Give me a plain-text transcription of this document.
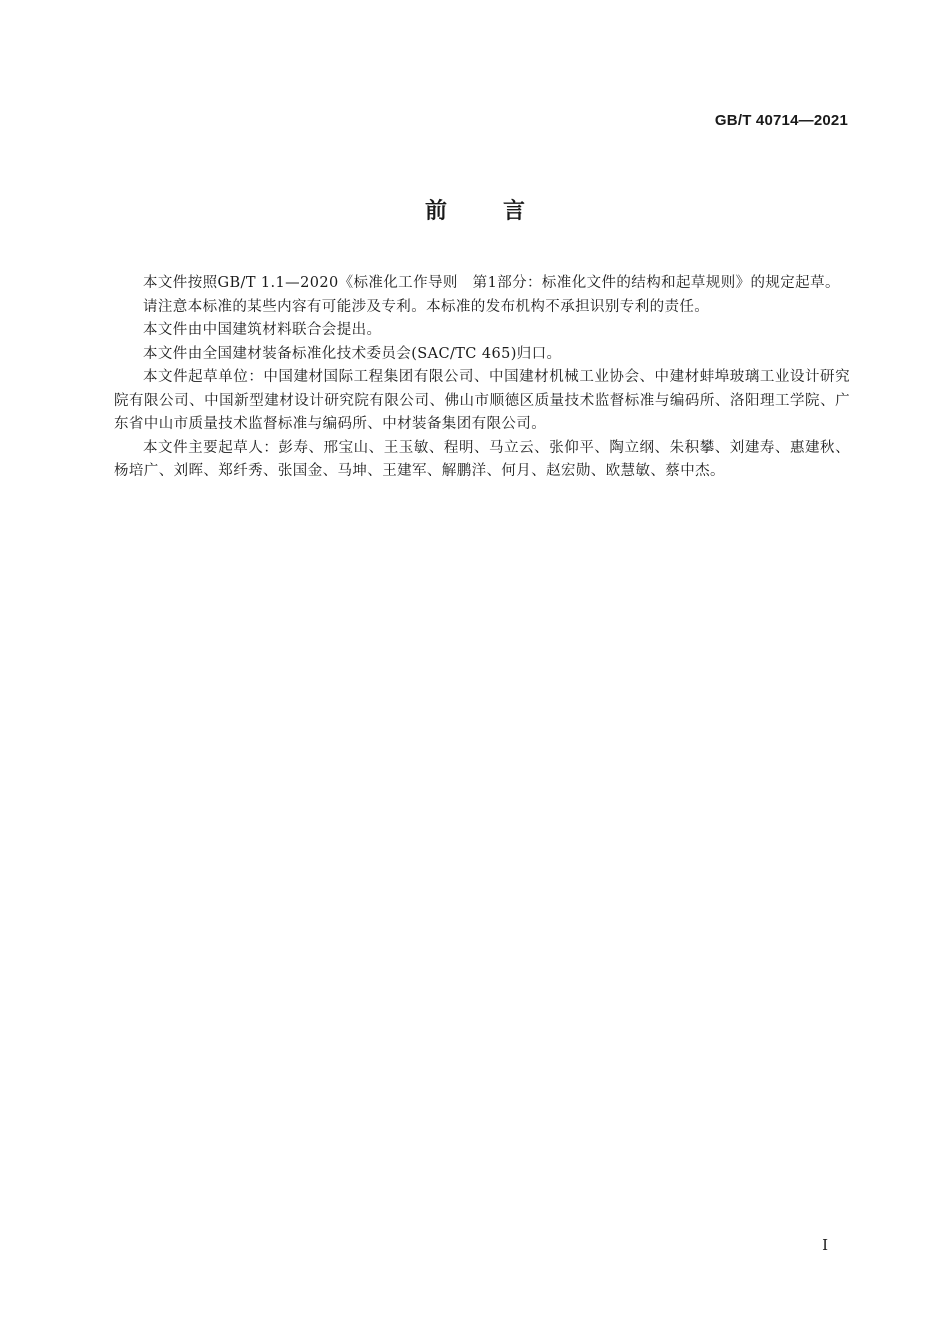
GB/T 40714—2021
前言

本文件按照GB/T 1.1—2020《标准化工作导则　第1部分：标准化文件的结构和起草规则》的规定起草。

请注意本标准的某些内容有可能涉及专利。本标准的发布机构不承担识别专利的责任。

本文件由中国建筑材料联合会提出。

本文件由全国建材装备标准化技术委员会(SAC/TC 465)归口。

本文件起草单位：中国建材国际工程集团有限公司、中国建材机械工业协会、中建材蚌埠玻璃工业设计研究院有限公司、中国新型建材设计研究院有限公司、佛山市顺德区质量技术监督标准与编码所、洛阳理工学院、广东省中山市质量技术监督标准与编码所、中材装备集团有限公司。

本文件主要起草人：彭寿、邢宝山、王玉敏、程明、马立云、张仰平、陶立纲、朱积攀、刘建寿、惠建秋、杨培广、刘晖、郑纤秀、张国金、马坤、王建军、解鹏洋、何月、赵宏勋、欧慧敏、蔡中杰。

I
